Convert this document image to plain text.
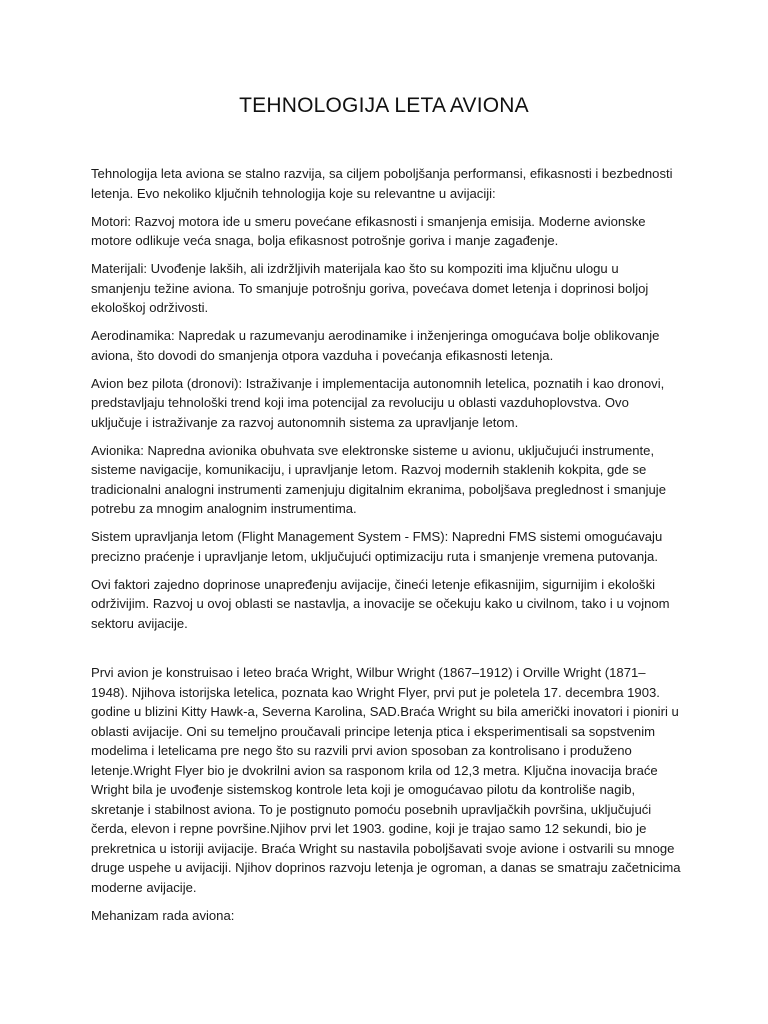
TEHNOLOGIJA LETA AVIONA

Tehnologija leta aviona se stalno razvija, sa ciljem poboljšanja performansi, efikasnosti i bezbednosti letenja. Evo nekoliko ključnih tehnologija koje su relevantne u avijaciji:

Motori: Razvoj motora ide u smeru povećane efikasnosti i smanjenja emisija. Moderne avionske motore odlikuje veća snaga, bolja efikasnost potrošnje goriva i manje zagađenje.

Materijali: Uvođenje lakših, ali izdržljivih materijala kao što su kompoziti ima ključnu ulogu u smanjenju težine aviona. To smanjuje potrošnju goriva, povećava domet letenja i doprinosi boljoj ekološkoj održivosti.

Aerodinamika: Napredak u razumevanju aerodinamike i inženjeringa omogućava bolje oblikovanje aviona, što dovodi do smanjenja otpora vazduha i povećanja efikasnosti letenja.

Avion bez pilota (dronovi): Istraživanje i implementacija autonomnih letelica, poznatih i kao dronovi, predstavljaju tehnološki trend koji ima potencijal za revoluciju u oblasti vazduhoplovstva. Ovo uključuje i istraživanje za razvoj autonomnih sistema za upravljanje letom.

Avionika: Napredna avionika obuhvata sve elektronske sisteme u avionu, uključujući instrumente, sisteme navigacije, komunikaciju, i upravljanje letom. Razvoj modernih staklenih kokpita, gde se tradicionalni analogni instrumenti zamenjuju digitalnim ekranima, poboljšava preglednost i smanjuje potrebu za mnogim analognim instrumentima.

Sistem upravljanja letom (Flight Management System - FMS): Napredni FMS sistemi omogućavaju precizno praćenje i upravljanje letom, uključujući optimizaciju ruta i smanjenje vremena putovanja.

Ovi faktori zajedno doprinose unapređenju avijacije, čineći letenje efikasnijim, sigurnijim i ekološki održivijim. Razvoj u ovoj oblasti se nastavlja, a inovacije se očekuju kako u civilnom, tako i u vojnom sektoru avijacije.

Prvi avion je konstruisao i leteo braća Wright, Wilbur Wright (1867–1912) i Orville Wright (1871–1948). Njihova istorijska letelica, poznata kao Wright Flyer, prvi put je poletela 17. decembra 1903. godine u blizini Kitty Hawk-a, Severna Karolina, SAD.Braća Wright su bila američki inovatori i pioniri u oblasti avijacije. Oni su temeljno proučavali principe letenja ptica i eksperimentisali sa sopstvenim modelima i letelicama pre nego što su razvili prvi avion sposoban za kontrolisano i produženo letenje.Wright Flyer bio je dvokrilni avion sa rasponom krila od 12,3 metra. Ključna inovacija braće Wright bila je uvođenje sistemskog kontrole leta koji je omogućavao pilotu da kontroliše nagib, skretanje i stabilnost aviona. To je postignuto pomoću posebnih upravljačkih površina, uključujući čerda, elevon i repne površine.Njihov prvi let 1903. godine, koji je trajao samo 12 sekundi, bio je prekretnica u istoriji avijacije. Braća Wright su nastavila poboljšavati svoje avione i ostvarili su mnoge druge uspehe u avijaciji. Njihov doprinos razvoju letenja je ogroman, a danas se smatraju začetnicima moderne avijacije.

Mehanizam rada aviona:
